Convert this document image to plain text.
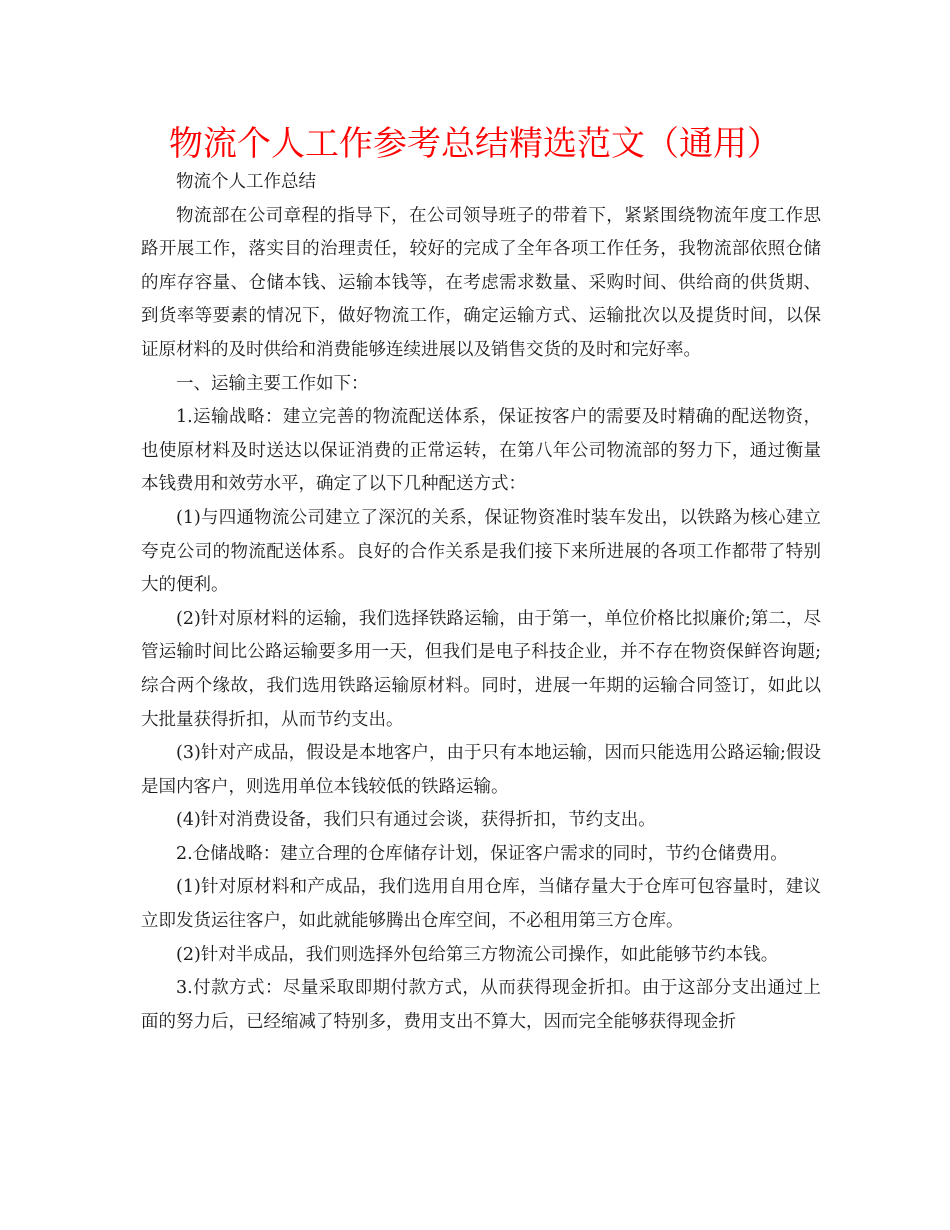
物流个人工作参考总结精选范文（通用）

物流个人工作总结

物流部在公司章程的指导下，在公司领导班子的带着下，紧紧围绕物流年度工作思路开展工作，落实目的治理责任，较好的完成了全年各项工作任务，我物流部依照仓储的库存容量、仓储本钱、运输本钱等，在考虑需求数量、采购时间、供给商的供货期、到货率等要素的情况下，做好物流工作，确定运输方式、运输批次以及提货时间，以保证原材料的及时供给和消费能够连续进展以及销售交货的及时和完好率。

一、运输主要工作如下：

1.运输战略：建立完善的物流配送体系，保证按客户的需要及时精确的配送物资，也使原材料及时送达以保证消费的正常运转，在第八年公司物流部的努力下，通过衡量本钱费用和效劳水平，确定了以下几种配送方式：

(1)与四通物流公司建立了深沉的关系，保证物资准时装车发出，以铁路为核心建立夸克公司的物流配送体系。良好的合作关系是我们接下来所进展的各项工作都带了特别大的便利。

(2)针对原材料的运输，我们选择铁路运输，由于第一，单位价格比拟廉价;第二，尽管运输时间比公路运输要多用一天，但我们是电子科技企业，并不存在物资保鲜咨询题;综合两个缘故，我们选用铁路运输原材料。同时，进展一年期的运输合同签订，如此以大批量获得折扣，从而节约支出。

(3)针对产成品，假设是本地客户，由于只有本地运输，因而只能选用公路运输;假设是国内客户，则选用单位本钱较低的铁路运输。

(4)针对消费设备，我们只有通过会谈，获得折扣，节约支出。

2.仓储战略：建立合理的仓库储存计划，保证客户需求的同时，节约仓储费用。

(1)针对原材料和产成品，我们选用自用仓库，当储存量大于仓库可包容量时，建议立即发货运往客户，如此就能够腾出仓库空间，不必租用第三方仓库。

(2)针对半成品，我们则选择外包给第三方物流公司操作，如此能够节约本钱。

3.付款方式：尽量采取即期付款方式，从而获得现金折扣。由于这部分支出通过上面的努力后，已经缩减了特别多，费用支出不算大，因而完全能够获得现金折
